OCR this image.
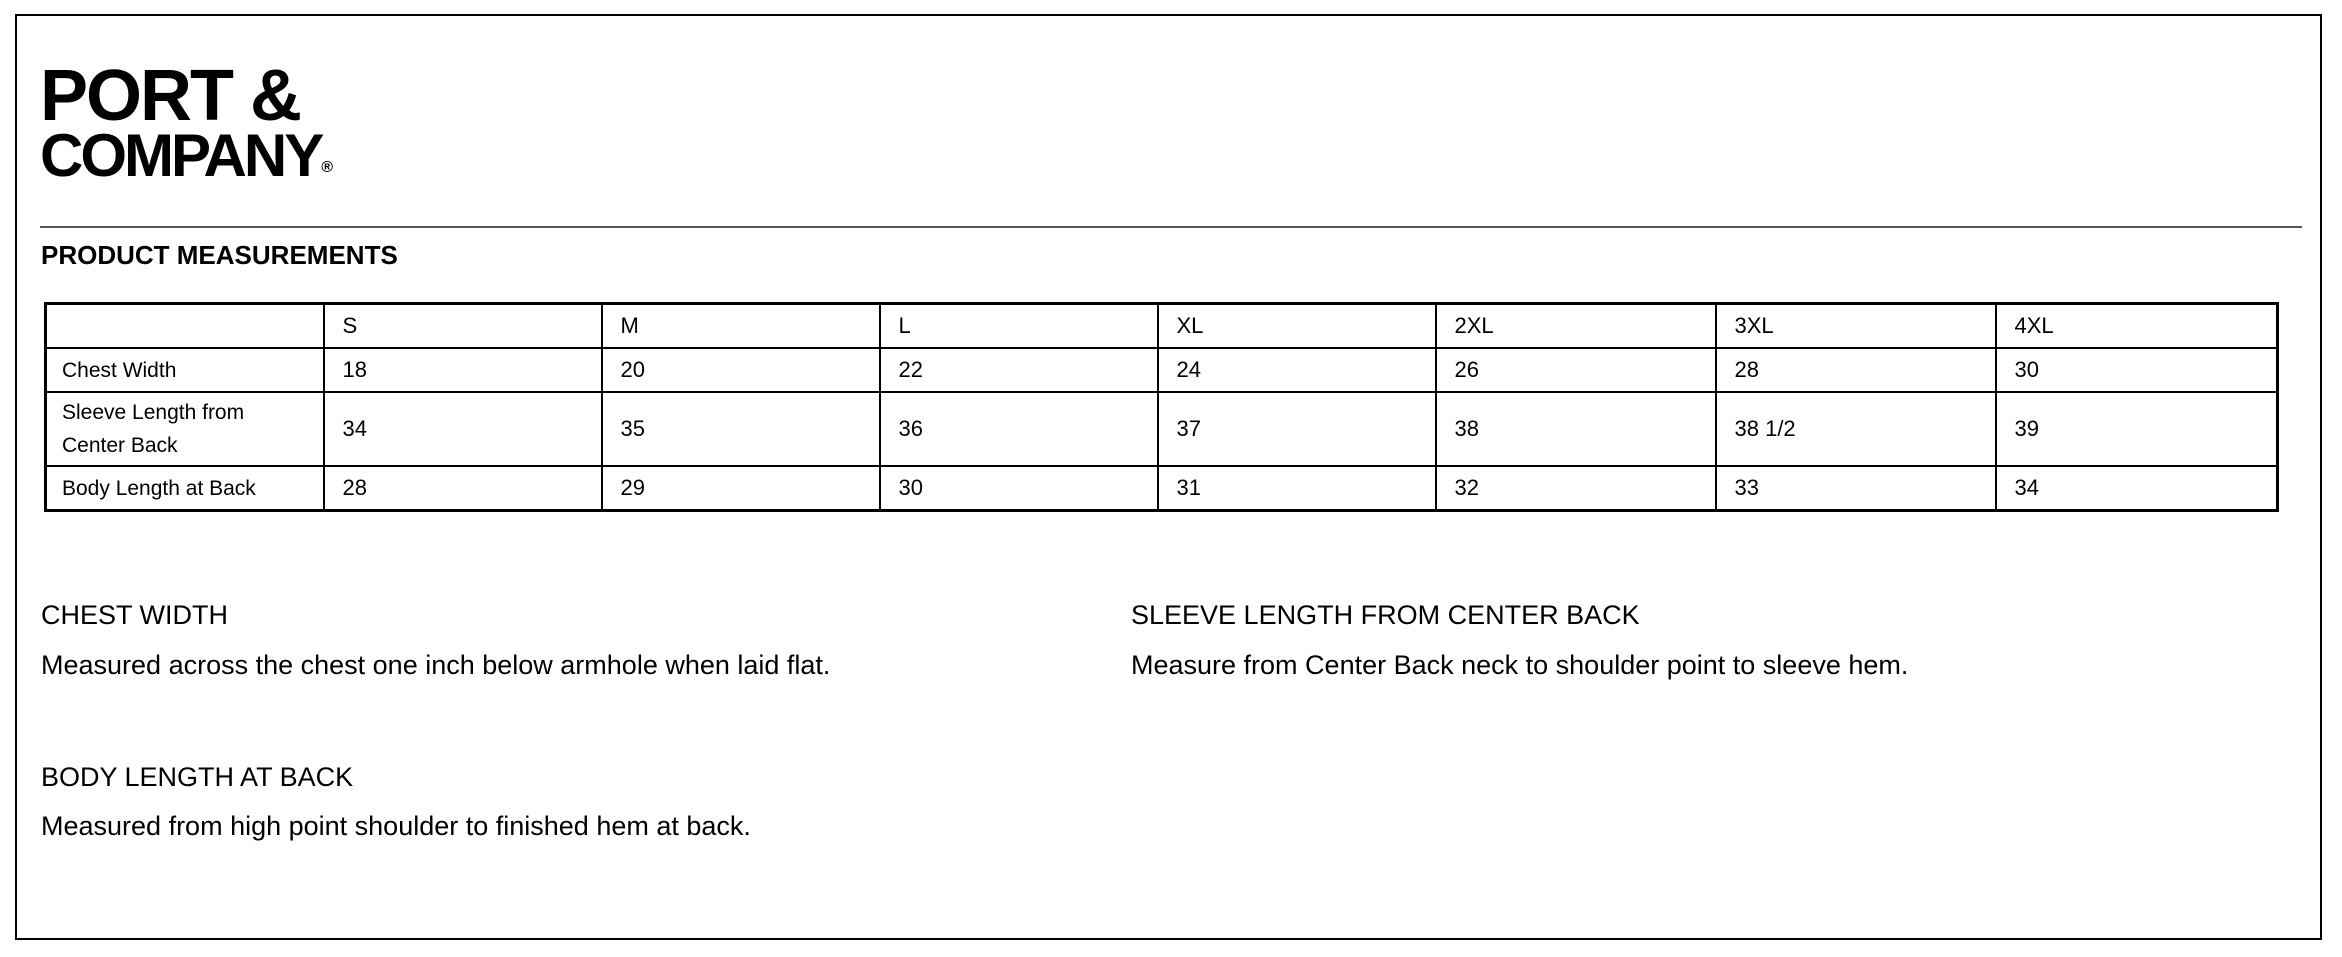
PORT &
COMPANY®
PRODUCT MEASUREMENTS
	S	M	L	XL	2XL	3XL	4XL
Chest Width	18	20	22	24	26	28	30
Sleeve Length from
Center Back	34	35	36	37	38	38 1/2	39
Body Length at Back	28	29	30	31	32	33	34
CHEST WIDTH
Measured across the chest one inch below armhole when laid flat.
SLEEVE LENGTH FROM CENTER BACK
Measure from Center Back neck to shoulder point to sleeve hem.
BODY LENGTH AT BACK
Measured from high point shoulder to finished hem at back.
